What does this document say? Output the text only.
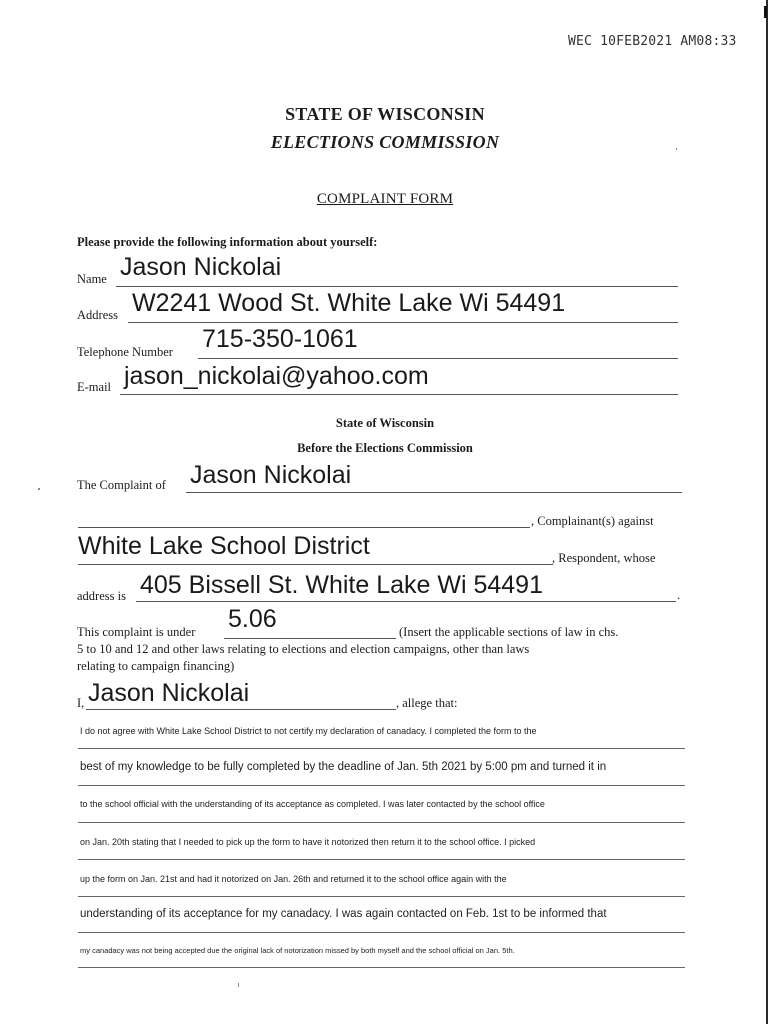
WEC 10FEB2021 AM08:33
STATE OF WISCONSIN
ELECTIONS COMMISSION
COMPLAINT FORM
Please provide the following information about yourself:
Name Jason Nickolai
Address W2241 Wood St. White Lake Wi 54491
Telephone Number 715-350-1061
E-mail jason_nickolai@yahoo.com
State of Wisconsin
Before the Elections Commission
The Complaint of Jason Nickolai
, Complainant(s) against
White Lake School District	, Respondent, whose
address is 405 Bissell St. White Lake Wi 54491	.
This complaint is under 5.06	(Insert the applicable sections of law in chs.
5 to 10 and 12 and other laws relating to elections and election campaigns, other than laws
relating to campaign financing)
I, Jason Nickolai	, allege that:
I do not agree with White Lake School District to not certify my declaration of canadacy. I completed the form to the
best of my knowledge to be fully completed by the deadline of Jan. 5th 2021 by 5:00 pm and turned it in
to the school official with the understanding of its acceptance as completed. I was later contacted by the school office
on Jan. 20th stating that I needed to pick up the form to have it notorized then return it to the school office. I picked
up the form on Jan. 21st and had it notorized on Jan. 26th and returned it to the school office again with the
understanding of its acceptance for my canadacy. I was again contacted on Feb. 1st to be informed that
my canadacy was not being accepted due the original lack of notorization missed by both myself and the school official on Jan. 5th.
